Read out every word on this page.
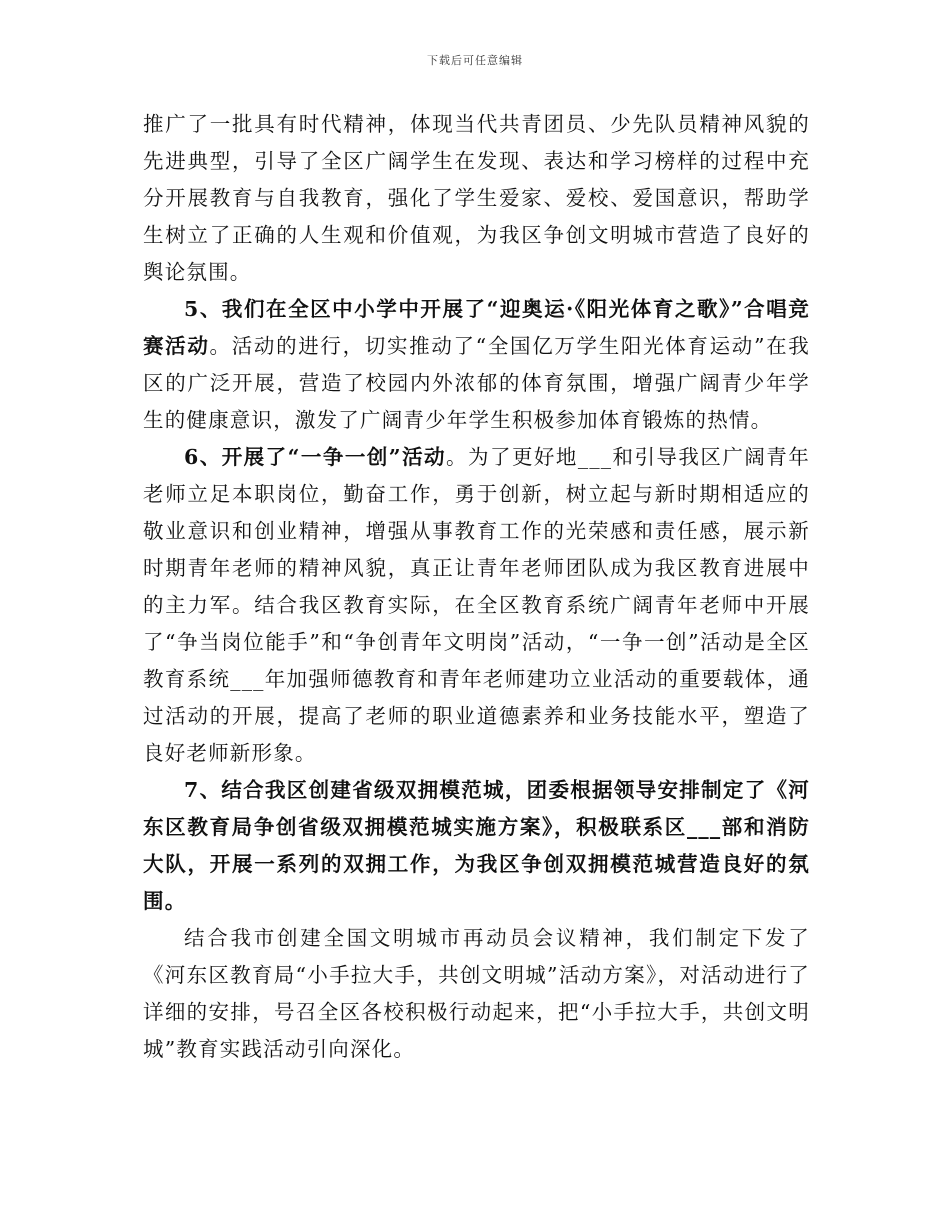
下载后可任意编辑

推广了一批具有时代精神，体现当代共青团员、少先队员精神风貌的先进典型，引导了全区广阔学生在发现、表达和学习榜样的过程中充分开展教育与自我教育，强化了学生爱家、爱校、爱国意识，帮助学生树立了正确的人生观和价值观，为我区争创文明城市营造了良好的舆论氛围。

5、我们在全区中小学中开展了“迎奥运·《阳光体育之歌》”合唱竞赛活动。活动的进行，切实推动了“全国亿万学生阳光体育运动”在我区的广泛开展，营造了校园内外浓郁的体育氛围，增强广阔青少年学生的健康意识，激发了广阔青少年学生积极参加体育锻炼的热情。

6、开展了“一争一创”活动。为了更好地___和引导我区广阔青年老师立足本职岗位，勤奋工作，勇于创新，树立起与新时期相适应的敬业意识和创业精神，增强从事教育工作的光荣感和责任感，展示新时期青年老师的精神风貌，真正让青年老师团队成为我区教育进展中的主力军。结合我区教育实际，在全区教育系统广阔青年老师中开展了“争当岗位能手”和“争创青年文明岗”活动，“一争一创”活动是全区教育系统___年加强师德教育和青年老师建功立业活动的重要载体，通过活动的开展，提高了老师的职业道德素养和业务技能水平，塑造了良好老师新形象。

7、结合我区创建省级双拥模范城，团委根据领导安排制定了《河东区教育局争创省级双拥模范城实施方案》，积极联系区___部和消防大队，开展一系列的双拥工作，为我区争创双拥模范城营造良好的氛围。

结合我市创建全国文明城市再动员会议精神，我们制定下发了《河东区教育局“小手拉大手，共创文明城”活动方案》，对活动进行了详细的安排，号召全区各校积极行动起来，把“小手拉大手，共创文明城”教育实践活动引向深化。
